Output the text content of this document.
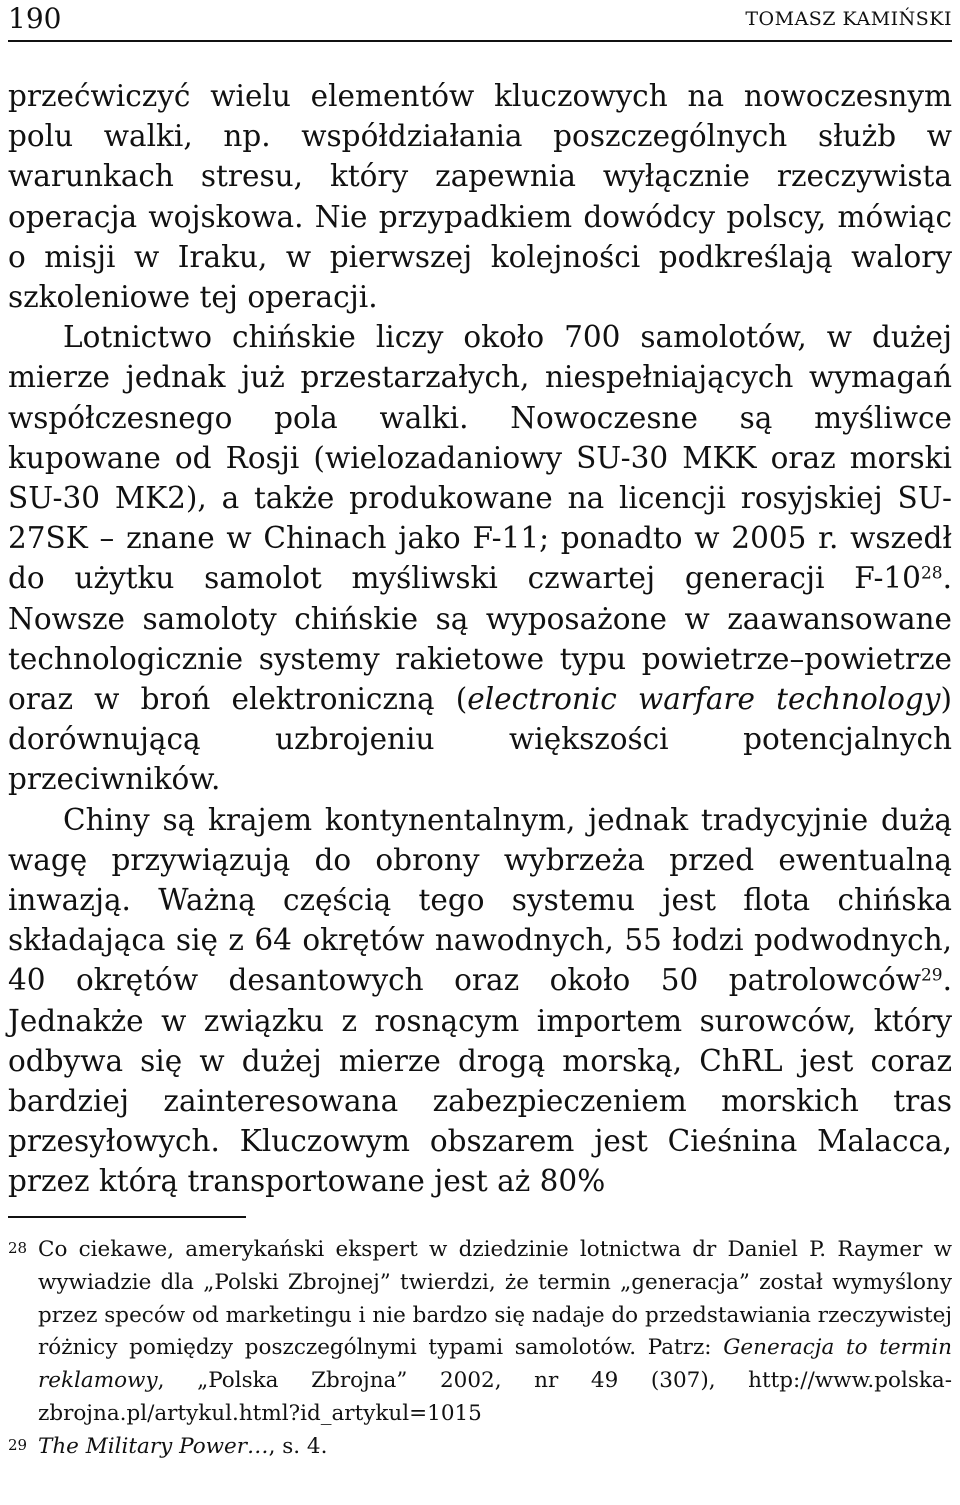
190	TOMASZ KAMIŃSKI

przećwiczyć wielu elementów kluczowych na nowoczesnym polu walki, np. współdziałania poszczególnych służb w warunkach stresu, który zapewnia wyłącznie rzeczywista operacja wojskowa. Nie przypadkiem dowódcy polscy, mówiąc o misji w Iraku, w pierwszej kolejności podkreślają walory szkoleniowe tej operacji.

Lotnictwo chińskie liczy około 700 samolotów, w dużej mierze jednak już przestarzałych, niespełniających wymagań współczesnego pola walki. Nowoczesne są myśliwce kupowane od Rosji (wielozadaniowy SU-30 MKK oraz morski SU-30 MK2), a także produkowane na licencji rosyjskiej SU-27SK – znane w Chinach jako F-11; ponadto w 2005 r. wszedł do użytku samolot myśliwski czwartej generacji F-10$^{28}$. Nowsze samoloty chińskie są wyposażone w zaawansowane technologicznie systemy rakietowe typu powietrze–powietrze oraz w broń elektroniczną (electronic warfare technology) dorównującą uzbrojeniu większości potencjalnych przeciwników.

Chiny są krajem kontynentalnym, jednak tradycyjnie dużą wagę przywiązują do obrony wybrzeża przed ewentualną inwazją. Ważną częścią tego systemu jest flota chińska składająca się z 64 okrętów nawodnych, 55 łodzi podwodnych, 40 okrętów desantowych oraz około 50 patrolowców$^{29}$. Jednakże w związku z rosnącym importem surowców, który odbywa się w dużej mierze drogą morską, ChRL jest coraz bardziej zainteresowana zabezpieczeniem morskich tras przesyłowych. Kluczowym obszarem jest Cieśnina Malacca, przez którą transportowane jest aż 80%

28 Co ciekawe, amerykański ekspert w dziedzinie lotnictwa dr Daniel P. Raymer w wywiadzie dla „Polski Zbrojnej” twierdzi, że termin „generacja” został wymyślony przez speców od marketingu i nie bardzo się nadaje do przedstawiania rzeczywistej różnicy pomiędzy poszczególnymi typami samolotów. Patrz: Generacja to termin reklamowy, „Polska Zbrojna” 2002, nr 49 (307), http://www.polska-zbrojna.pl/artykul.html?id_artykul=1015

29 The Military Power…, s. 4.
